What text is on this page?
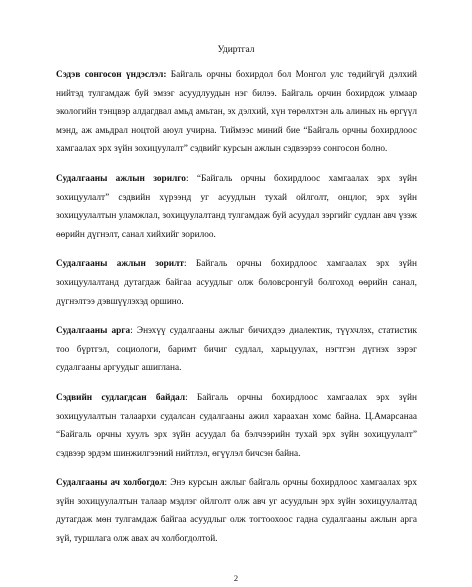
Удиртгал

Сэдэв сонгосон үндэслэл: Байгаль орчны бохирдол бол Монгол улс төдийгүй дэлхий нийтэд тулгамдаж буй эмзэг асуудлуудын нэг билээ. Байгаль орчин бохирдож улмаар экологийн тэнцвэр алдагдвал амьд амьтан, эх дэлхий, хүн төрөлхтэн аль алиных нь өргүүл мэнд, аж амьдрал ноцтой аюул учирна. Тиймээс миний бие “Байгаль орчны бохирдлоос хамгаалах эрх зүйн зохицуулалт” сэдвийг курсын ажлын сэдвээрээ сонгосон болно.

Судалгааны ажлын зорилго: “Байгаль орчны бохирдлоос хамгаалах эрх зүйн зохицуулалт” сэдвийн хүрээнд уг асуудлын тухай ойлголт, онцлог, эрх зүйн зохицуулалтын уламжлал, зохицуулалтанд тулгамдаж буй асуудал зэргийг судлан авч үзэж өөрийн дүгнэлт, санал хийхийг зорилоо.

Судалгааны ажлын зорилт: Байгаль орчны бохирдлоос хамгаалах эрх зүйн зохицуулалтанд дутагдаж байгаа асуудлыг олж боловсронгуй болгоход өөрийн санал, дүгнэлтээ дэвшүүлэхэд оршино.

Судалгааны арга: Энэхүү судалгааны ажлыг бичихдээ диалектик, түүхчлэх, статистик тоо бүртгэл, социологи, баримт бичиг судлал, харьцуулах, нэгтгэн дүгнэх зэрэг судалгааны аргуудыг ашиглана.

Сэдвийн судлагдсан байдал: Байгаль орчны бохирдлоос хамгаалах эрх зүйн зохицуулалтын талаархи судалсан судалгааны ажил хараахан хомс байна. Ц.Амарсанаа “Байгаль орчны хуулъ эрх зүйн асуудал ба бэлчээрийн тухай эрх зүйн зохицуулалт” сэдвээр эрдэм шинжилгээний нийтлэл, өгүүлэл бичсэн байна.

Судалгааны ач холбогдол: Энэ курсын ажлыг байгаль орчны бохирдлоос хамгаалах эрх зүйн зохицуулалтын талаар мэдлэг ойлголт олж авч уг асуудлын эрх зүйн зохицуулалтад дутагдаж мөн тулгамдаж байгаа асуудлыг олж тогтоохоос гадна судалгааны ажлын арга зүй, туршлага олж авах ач холбогдолтой.

2
